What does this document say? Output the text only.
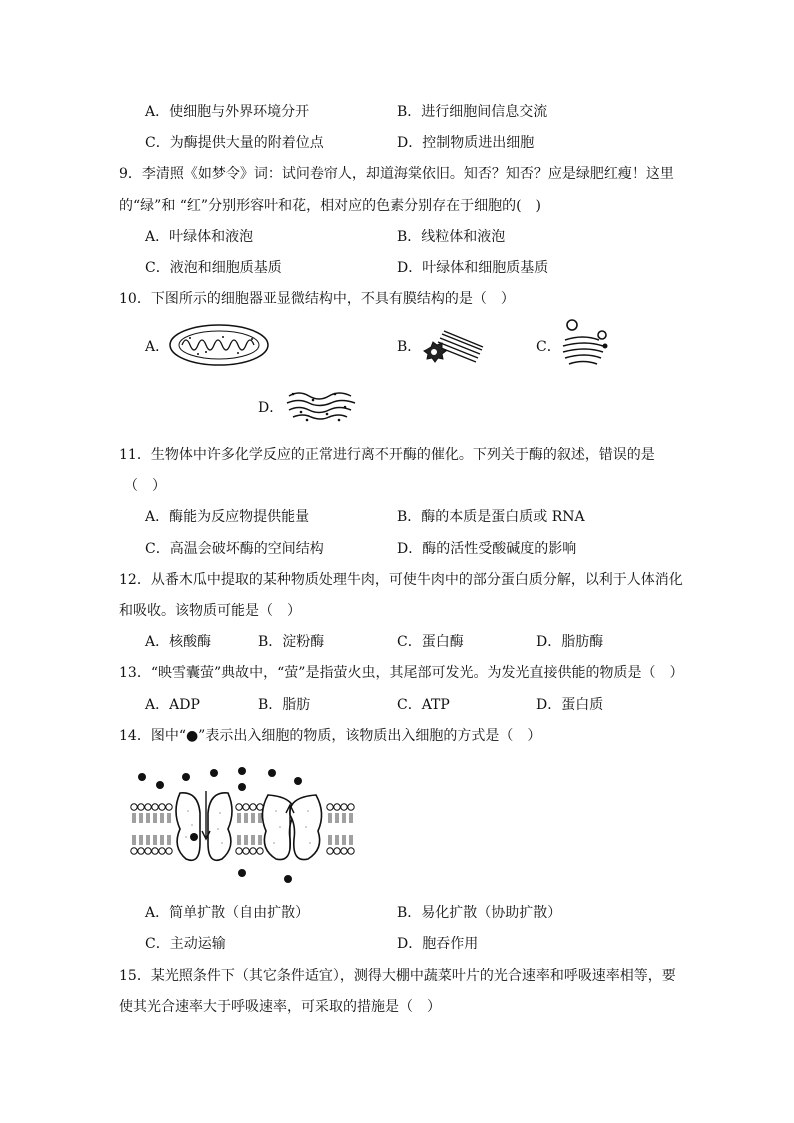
A．使细胞与外界环境分开	B．进行细胞间信息交流
C．为酶提供大量的附着位点	D．控制物质进出细胞
9．李清照《如梦令》词：试问卷帘人，却道海棠依旧。知否？知否？应是绿肥红瘦！这里
的“绿”和 “红”分别形容叶和花，相对应的色素分别存在于细胞的(　)
A．叶绿体和液泡	B．线粒体和液泡
C．液泡和细胞质基质	D．叶绿体和细胞质基质
10．下图所示的细胞器亚显微结构中，不具有膜结构的是（　）
A．	B．	C．
D．
11．生物体中许多化学反应的正常进行离不开酶的催化。下列关于酶的叙述，错误的是
（　）
A．酶能为反应物提供能量	B．酶的本质是蛋白质或 RNA
C．高温会破坏酶的空间结构	D．酶的活性受酸碱度的影响
12．从番木瓜中提取的某种物质处理牛肉，可使牛肉中的部分蛋白质分解，以利于人体消化
和吸收。该物质可能是（　）
A．核酸酶	B．淀粉酶	C．蛋白酶	D．脂肪酶
13．“映雪囊萤”典故中，“萤”是指萤火虫，其尾部可发光。为发光直接供能的物质是（　）
A．ADP	B．脂肪	C．ATP	D．蛋白质
14．图中“●”表示出入细胞的物质，该物质出入细胞的方式是（　）
A．简单扩散（自由扩散）	B．易化扩散（协助扩散）
C．主动运输	D．胞吞作用
15．某光照条件下（其它条件适宜），测得大棚中蔬菜叶片的光合速率和呼吸速率相等，要
使其光合速率大于呼吸速率，可采取的措施是（　）
